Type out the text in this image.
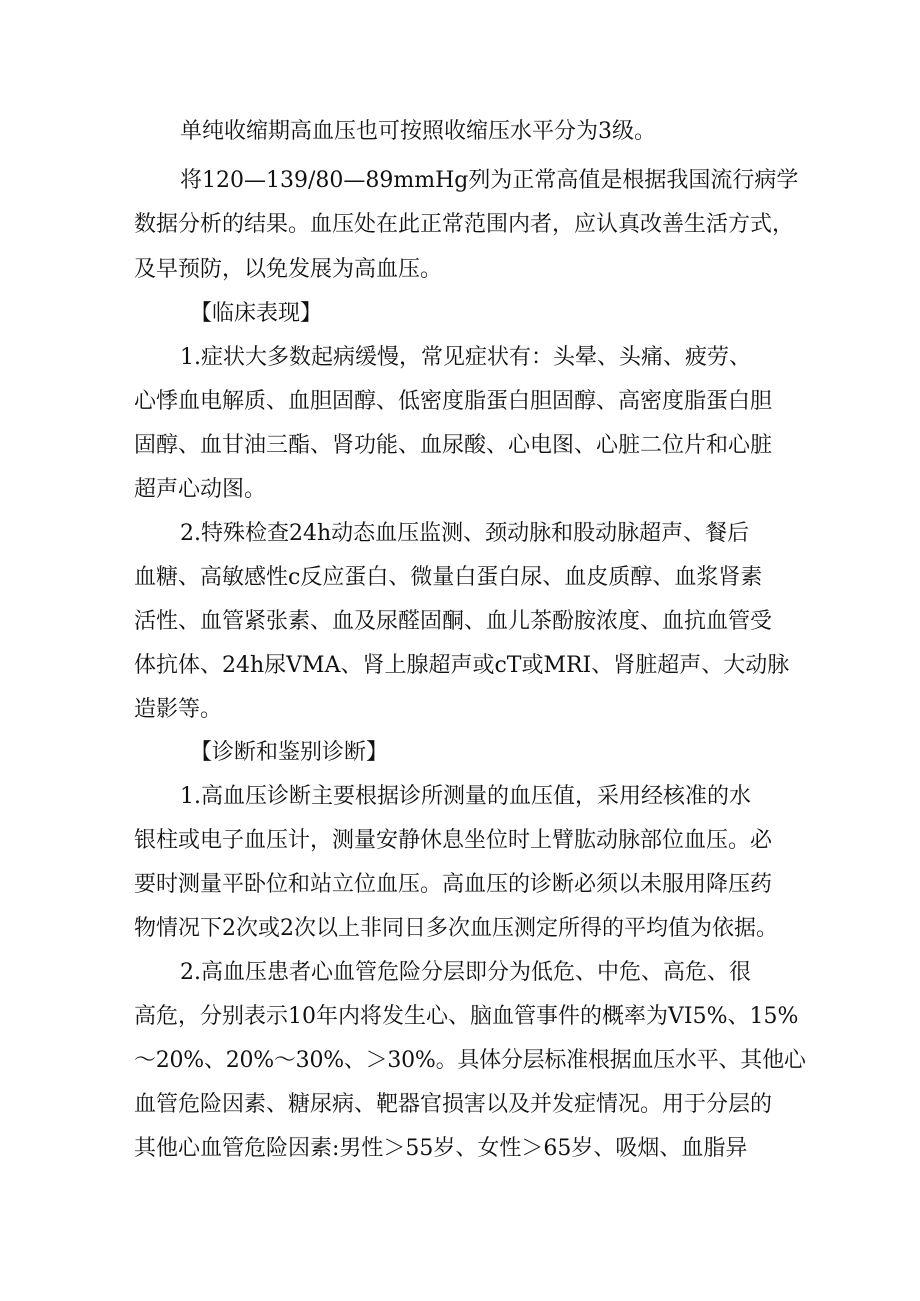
单纯收缩期高血压也可按照收缩压水平分为3级。

将120—139/80—89mmHg列为正常高值是根据我国流行病学

数据分析的结果。血压处在此正常范围内者，应认真改善生活方式，

及早预防，以免发展为高血压。

【临床表现】

1.症状大多数起病缓慢，常见症状有：头晕、头痛、疲劳、

心悸血电解质、血胆固醇、低密度脂蛋白胆固醇、高密度脂蛋白胆

固醇、血甘油三酯、肾功能、血尿酸、心电图、心脏二位片和心脏

超声心动图。

2.特殊检查24h动态血压监测、颈动脉和股动脉超声、餐后

血糖、高敏感性c反应蛋白、微量白蛋白尿、血皮质醇、血浆肾素

活性、血管紧张素、血及尿醛固酮、血儿茶酚胺浓度、血抗血管受

体抗体、24h尿VMA、肾上腺超声或cT或MRI、肾脏超声、大动脉

造影等。

【诊断和鉴别诊断】

1.高血压诊断主要根据诊所测量的血压值，采用经核准的水

银柱或电子血压计，测量安静休息坐位时上臂肱动脉部位血压。必

要时测量平卧位和站立位血压。高血压的诊断必须以未服用降压药

物情况下2次或2次以上非同日多次血压测定所得的平均值为依据。

2.高血压患者心血管危险分层即分为低危、中危、高危、很

高危，分别表示10年内将发生心、脑血管事件的概率为VI5%、15%

～20%、20%～30%、＞30%。具体分层标准根据血压水平、其他心

血管危险因素、糖尿病、靶器官损害以及并发症情况。用于分层的

其他心血管危险因素:男性＞55岁、女性＞65岁、吸烟、血脂异
